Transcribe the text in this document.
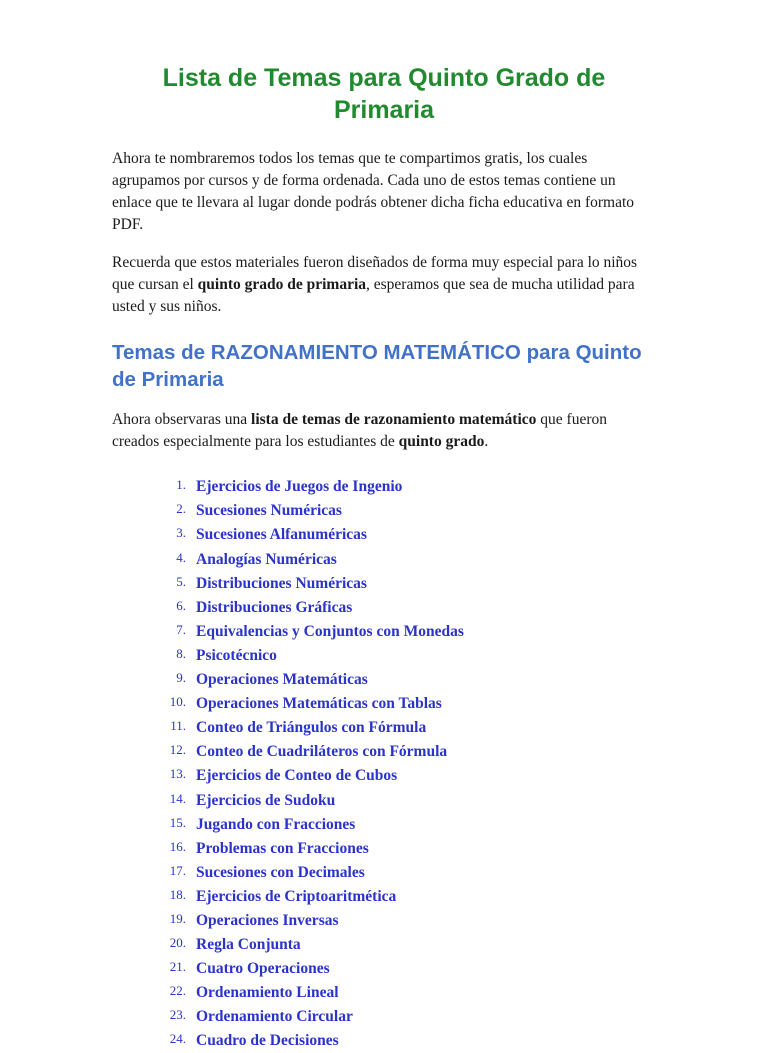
Lista de Temas para Quinto Grado de Primaria

Ahora te nombraremos todos los temas que te compartimos gratis, los cuales agrupamos por cursos y de forma ordenada. Cada uno de estos temas contiene un enlace que te llevara al lugar donde podrás obtener dicha ficha educativa en formato PDF.

Recuerda que estos materiales fueron diseñados de forma muy especial para lo niños que cursan el quinto grado de primaria, esperamos que sea de mucha utilidad para usted y sus niños.

Temas de RAZONAMIENTO MATEMÁTICO para Quinto de Primaria

Ahora observaras una lista de temas de razonamiento matemático que fueron creados especialmente para los estudiantes de quinto grado.

Ejercicios de Juegos de Ingenio
Sucesiones Numéricas
Sucesiones Alfanuméricas
Analogías Numéricas
Distribuciones Numéricas
Distribuciones Gráficas
Equivalencias y Conjuntos con Monedas
Psicotécnico
Operaciones Matemáticas
Operaciones Matemáticas con Tablas
Conteo de Triángulos con Fórmula
Conteo de Cuadriláteros con Fórmula
Ejercicios de Conteo de Cubos
Ejercicios de Sudoku
Jugando con Fracciones
Problemas con Fracciones
Sucesiones con Decimales
Ejercicios de Criptoaritmética
Operaciones Inversas
Regla Conjunta
Cuatro Operaciones
Ordenamiento Lineal
Ordenamiento Circular
Cuadro de Decisiones
